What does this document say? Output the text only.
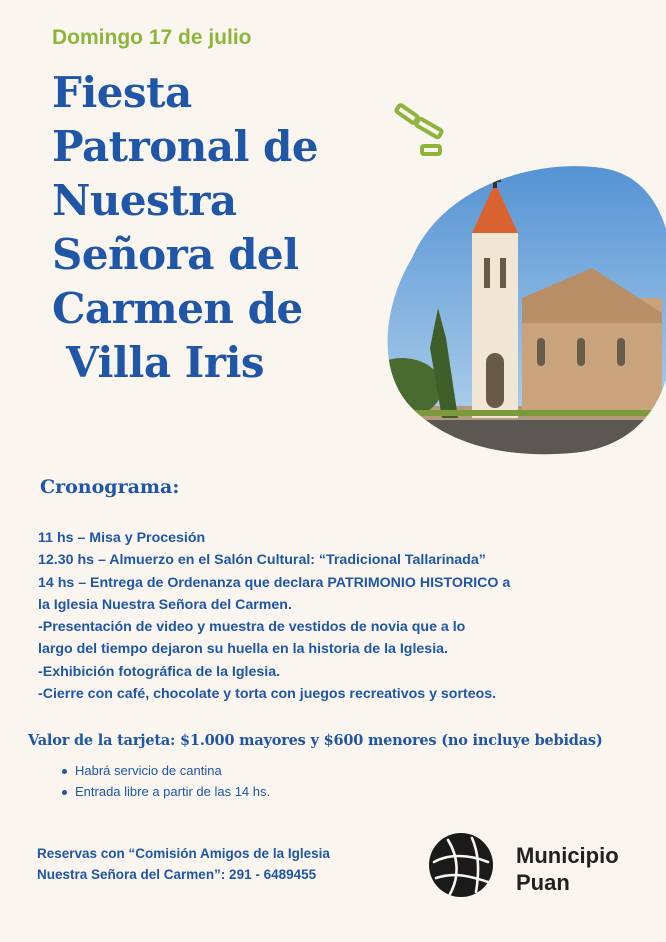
Domingo 17 de julio
Fiesta
Patronal de
Nuestra
Señora del
Carmen de
Villa Iris
Cronograma:
11 hs – Misa y Procesión
12.30 hs – Almuerzo en el Salón Cultural: “Tradicional Tallarinada”
14 hs – Entrega de Ordenanza que declara PATRIMONIO HISTORICO a
la Iglesia Nuestra Señora del Carmen.
-Presentación de video y muestra de vestidos de novia que a lo
largo del tiempo dejaron su huella en la historia de la Iglesia.
-Exhibición fotográfica de la Iglesia.
-Cierre con café, chocolate y torta con juegos recreativos y sorteos.
Valor de la tarjeta: $1.000 mayores y $600 menores (no incluye bebidas)
Habrá servicio de cantina
Entrada libre a partir de las 14 hs.
Reservas con “Comisión Amigos de la Iglesia
Nuestra Señora del Carmen”: 291 - 6489455
Municipio
Puan
